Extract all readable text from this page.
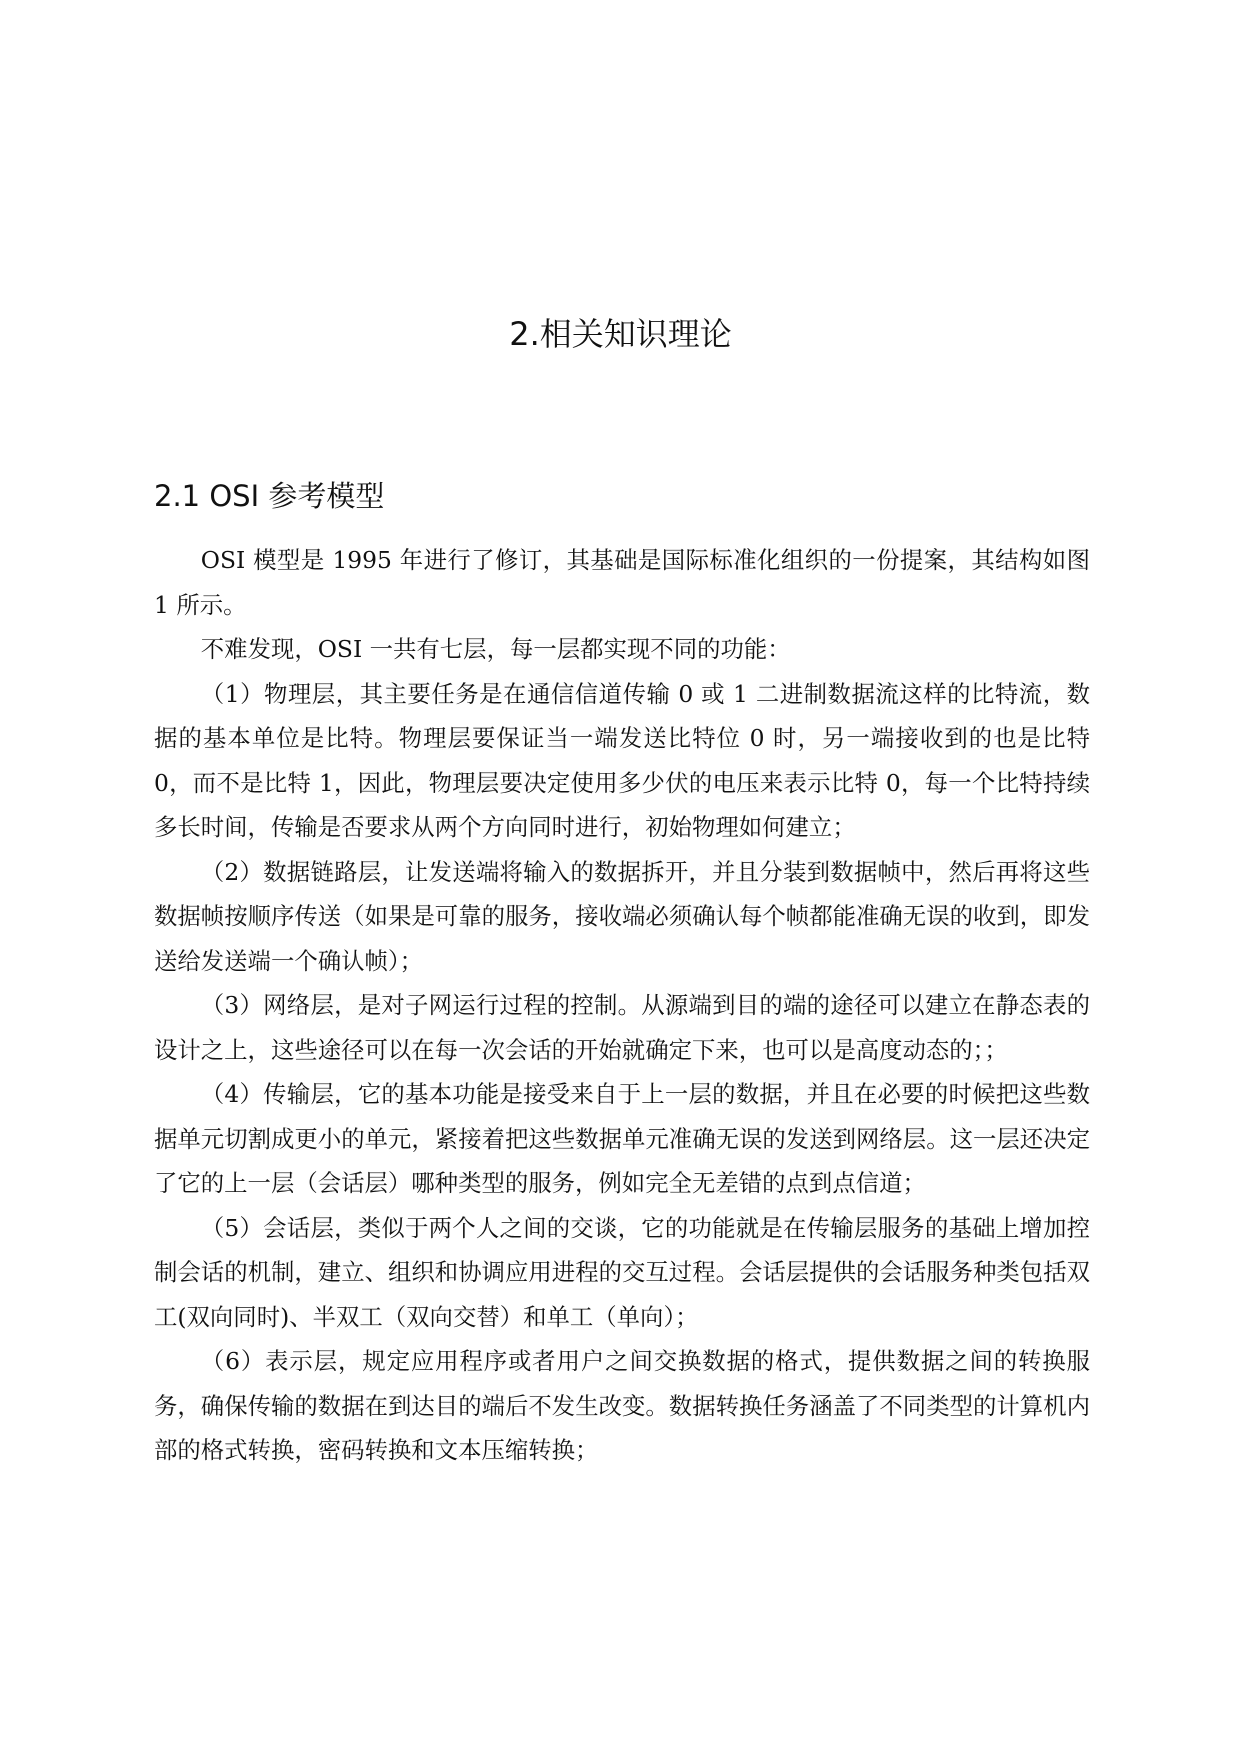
2.相关知识理论
2.1 OSI 参考模型

OSI 模型是 1995 年进行了修订，其基础是国际标准化组织的一份提案，其结构如图 1 所示。

不难发现，OSI 一共有七层，每一层都实现不同的功能：

（1）物理层，其主要任务是在通信信道传输 0 或 1 二进制数据流这样的比特流，数据的基本单位是比特。物理层要保证当一端发送比特位 0 时，另一端接收到的也是比特 0，而不是比特 1，因此，物理层要决定使用多少伏的电压来表示比特 0，每一个比特持续多长时间，传输是否要求从两个方向同时进行，初始物理如何建立；

（2）数据链路层，让发送端将输入的数据拆开，并且分装到数据帧中，然后再将这些数据帧按顺序传送（如果是可靠的服务，接收端必须确认每个帧都能准确无误的收到，即发送给发送端一个确认帧）；

（3）网络层，是对子网运行过程的控制。从源端到目的端的途径可以建立在静态表的设计之上，这些途径可以在每一次会话的开始就确定下来，也可以是高度动态的；；

（4）传输层，它的基本功能是接受来自于上一层的数据，并且在必要的时候把这些数据单元切割成更小的单元，紧接着把这些数据单元准确无误的发送到网络层。这一层还决定了它的上一层（会话层）哪种类型的服务，例如完全无差错的点到点信道；

（5）会话层，类似于两个人之间的交谈，它的功能就是在传输层服务的基础上增加控制会话的机制，建立、组织和协调应用进程的交互过程。会话层提供的会话服务种类包括双工(双向同时)、半双工（双向交替）和单工（单向）；

（6）表示层，规定应用程序或者用户之间交换数据的格式，提供数据之间的转换服务，确保传输的数据在到达目的端后不发生改变。数据转换任务涵盖了不同类型的计算机内部的格式转换，密码转换和文本压缩转换；
